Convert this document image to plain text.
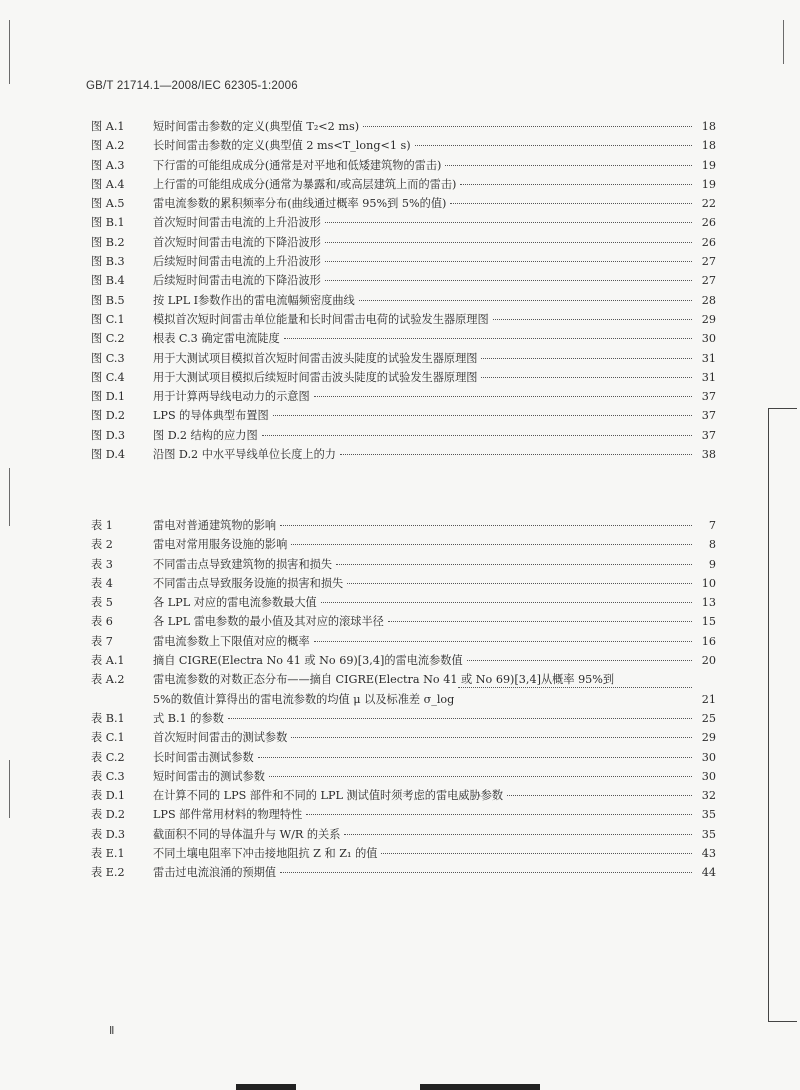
GB/T 21714.1—2008/IEC 62305-1:2006
图 A.1	短时间雷击参数的定义(典型值 T₂<2 ms)	18
图 A.2	长时间雷击参数的定义(典型值 2 ms<T_long<1 s)	18
图 A.3	下行雷的可能组成成分(通常是对平地和低矮建筑物的雷击)	19
图 A.4	上行雷的可能组成成分(通常为暴露和/或高层建筑上而的雷击)	19
图 A.5	雷电流参数的累积频率分布(曲线通过概率 95%到 5%的值)	22
图 B.1	首次短时间雷击电流的上升沿波形	26
图 B.2	首次短时间雷击电流的下降沿波形	26
图 B.3	后续短时间雷击电流的上升沿波形	27
图 B.4	后续短时间雷击电流的下降沿波形	27
图 B.5	按 LPL Ⅰ参数作出的雷电流幅频密度曲线	28
图 C.1	模拟首次短时间雷击单位能量和长时间雷击电荷的试验发生器原理图	29
图 C.2	根表 C.3 确定雷电流陡度	30
图 C.3	用于大测试项目模拟首次短时间雷击波头陡度的试验发生器原理图	31
图 C.4	用于大测试项目模拟后续短时间雷击波头陡度的试验发生器原理图	31
图 D.1	用于计算两导线电动力的示意图	37
图 D.2	LPS 的导体典型布置图	37
图 D.3	图 D.2 结构的应力图	37
图 D.4	沿图 D.2 中水平导线单位长度上的力	38
表 1	雷电对普通建筑物的影响	7
表 2	雷电对常用服务设施的影响	8
表 3	不同雷击点导致建筑物的损害和损失	9
表 4	不同雷击点导致服务设施的损害和损失	10
表 5	各 LPL 对应的雷电流参数最大值	13
表 6	各 LPL 雷电参数的最小值及其对应的滚球半径	15
表 7	雷电流参数上下限值对应的概率	16
表 A.1	摘自 CIGRE(Electra No 41 或 No 69)[3,4]的雷电流参数值	20
表 A.2	雷电流参数的对数正态分布——摘自 CIGRE(Electra No 41 或 No 69)[3,4]从概率 95%到
5%的数值计算得出的雷电流参数的均值 μ 以及标准差 σ_log	21
表 B.1	式 B.1 的参数	25
表 C.1	首次短时间雷击的测试参数	29
表 C.2	长时间雷击测试参数	30
表 C.3	短时间雷击的测试参数	30
表 D.1	在计算不同的 LPS 部件和不同的 LPL 测试值时须考虑的雷电威胁参数	32
表 D.2	LPS 部件常用材料的物理特性	35
表 D.3	截面积不同的导体温升与 W/R 的关系	35
表 E.1	不同土壤电阻率下冲击接地阻抗 Z 和 Z₁ 的值	43
表 E.2	雷击过电流浪涌的预期值	44
Ⅱ
